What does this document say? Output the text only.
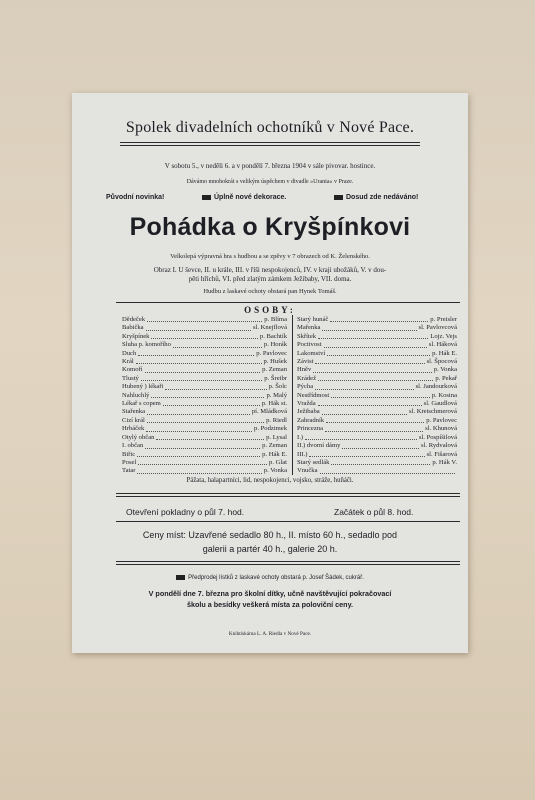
Spolek divadelních ochotníků v Nové Pace.
V sobotu 5., v neděli 6. a v pondělí 7. března 1904 v sále pivovar. hostince.
Dávámo mnohokrát s velikým úspěchem v divadle »Urania« v Praze.
Původní novinka!	Úplně nové dekorace.	Dosud zde nedáváno!
Pohádka o Kryšpínkovi
Velkolepá výpravná hra s hudbou a se zpěvy v 7 obrazech od K. Želenského.
Obraz I. U ševce, II. u krále, III. v říši nespokojenců, IV. v kraji ubožáků, V. v dou-
pěti hříchů, VI. před zlatým zámkem Ježibaby, VII. doma.
Hudbu z laskavé ochoty obstará pan Hynek Tomáš.
OSOBY:
Dědeček	p. Blíma
Babička	sl. Knejflová
Kryšpínek	p. Bachtík
Sluha p. komořího	p. Horák
Duch	p. Pavlovec
Král	p. Hušek
Komoří	p. Zeman
Tlustý	p. Šreibr
Hubený ) lékaři	p. Šolc
Nahluchlý	p. Malý
Lékař s copem	p. Hák st.
Stařenka	pí. Mládková
Cizí král	p. Riedl
Hrbáček	p. Podzimek
Otylý občan	p. Lysal
I. občan	p. Zeman
Biřic	p. Hák E.
Posel	p. Glat
Tatar	p. Vonka
Starý hunáč	p. Preisler
Mařenka	sl. Pavlovcová
Skřítek	Lojz. Vejs
Poctivost	sl. Háková
Lakomství	p. Hák E.
Závist	sl. Špocová
Hněv	p. Vonka
Krádež	p. Pekař
Pýcha	sl. Jandourková
Nestřídmost	p. Kosina
Vražda	sl. Gaudlová
Ježibaba	sl. Kretschmerová
Zahradník	p. Pavlovec
Princezna	sl. Khunová
I.)	sl. Pospíšilová
II.) dvorní dámy	sl. Rydvalová
III.)	sl. Fišarová
Starý sedlák	p. Hák V.
Vnučka
Pážata, halapartníci, lid, nespokojenci, vojsko, stráže, huňáči.
Otevření pokladny o půl 7. hod.	Začátek o půl 8. hod.
Ceny míst: Uzavřené sedadlo 80 h., II. místo 60 h., sedadlo pod
galerii a partér 40 h., galerie 20 h.
Předprodej lístků z laskavé ochoty obstará p. Josef Šádek, cukrář.
V pondělí dne 7. března pro školní dítky, učně navštěvující pokračovací
školu a besídky veškerá místa za poloviční ceny.
Knihtiskárna L. A. Riedla v Nové Pace.
